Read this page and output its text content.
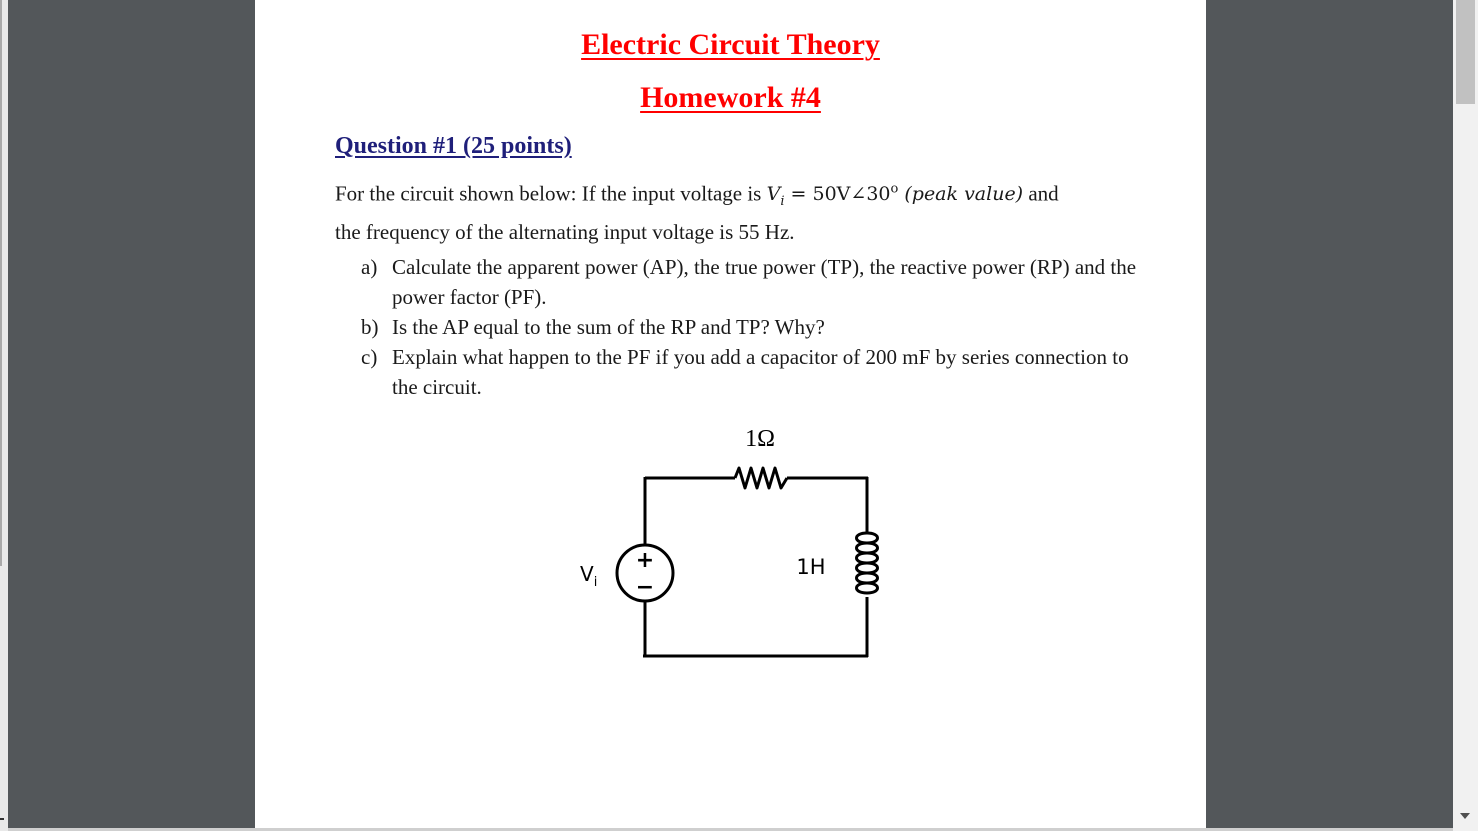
Electric Circuit Theory
Homework #4
Question #1 (25 points)
For the circuit shown below: If the input voltage is $V_i$ = $50V\angle 30^o$ (peak value) and
the frequency of the alternating input voltage is 55 Hz.
a) Calculate the apparent power (AP), the true power (TP), the reactive power (RP) and the power factor (PF).
b) Is the AP equal to the sum of the RP and TP? Why?
c) Explain what happen to the PF if you add a capacitor of 200 mF by series connection to the circuit.
+
−
1Ω
1H
$V_i$
